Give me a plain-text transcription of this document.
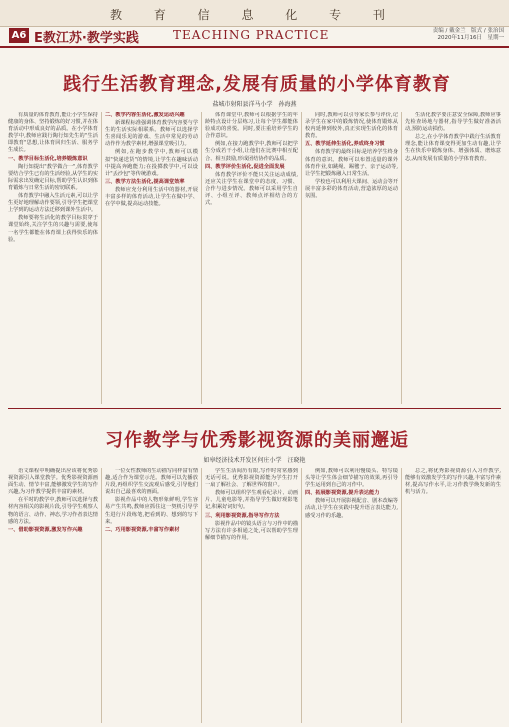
教 育 信 息 化 专 刊
A6 E教江苏·教学实践	TEACHING PRACTICE	责编 / 戴金兰　版式 / 张治国
2020年11月16日　星期一
践行生活教育理念,发展有质量的小学体育教育
盐城市射阳县洋马小学　孙海燕

有质量的体育教育,能让小学生保持健康的身体、坚持锻炼的好习惯,并在体育活动中形成良好的品质。在小学体育教学中,教师应践行陶行知先生的"生活即教育"思想,让体育回归生活、服务学生成长。

一、教学目标生活化,培养锻炼意识

陶行知提出"教学做合一",体育教学要结合学生已有的生活经验,从学生的实际需求出发确定目标,帮助学生认识到体育锻炼与日常生活的密切联系。

体育教学中融入生活元素,可以让学生更好地理解动作要领,引导学生把课堂上学到的运动方法迁移到课外生活中。

教师要将生活化的教学目标贯穿于课堂始终,关注学生的兴趣与需要,使每一名学生都能在体育课上获得快乐的体验。

二、教学内容生活化,激发运动兴趣

新课程标准强调体育教学内容要与学生的生活实际相联系。教师可以选择学生喜闻乐见的游戏、生活中常见的劳动动作作为教学素材,增强课堂吸引力。

例如,在跑步教学中,教师可以模拟"快递送货"的情境,让学生在趣味活动中提高奔跑能力;在投掷教学中,可以设计"丢沙包"等传统游戏。

三、教学方法生活化,提高课堂效率

教师应充分利用生活中的器材,开展丰富多样的体育活动,让学生在做中学、在学中做,提高运动技能。

体育课堂中,教师可以根据学生的年龄特点设计分层练习,让每个学生都能体验成功的喜悦。同时,要注重培养学生的合作意识。

例如,在接力跑教学中,教师可以把学生分成若干小组,让他们在比赛中相互配合、相互鼓励,形成团结协作的品质。

四、教学评价生活化,促进全面发展

体育教学评价不能只关注运动成绩,还应关注学生在课堂中的态度、习惯、合作与进步情况。教师可以采用学生自评、小组互评、教师点评相结合的方式。

同时,教师可以引导家长参与评价,记录学生在家中的锻炼情况,使体育锻炼从校内延伸到校外,真正实现生活化的体育教育。

五、教学延伸生活化,养成终身习惯

体育教学的最终目标是培养学生终身体育的意识。教师可以布置适量的课外体育作业,如跳绳、踢毽子、亲子运动等,让学生把锻炼融入日常生活。

学校也可以利用大课间、运动会等开展丰富多彩的体育活动,营造浓厚的运动氛围。

生活化教学要注意安全保障,教师应事先检查场地与器材,指导学生做好准备活动,预防运动损伤。

总之,在小学体育教学中践行生活教育理念,能让体育课变得更加生动有趣,让学生在快乐中锻炼身体、增强体质、磨炼意志,从而发展有质量的小学体育教育。

习作教学与优秀影视资源的美丽邂逅
如皋经济技术开发区何庄小学　汪晓艳

语文课程中明确提出应该将优秀影视资源引入课堂教学。优秀影视资源画面生动、情节丰富,能够激发学生的写作兴趣,为习作教学提供丰富的素材。

在平时的教学中,教师可以选择与教材内容相关的影视片段,引导学生观察人物的语言、动作、神态,学习作者表达情感的方法。

一、借助影视资源,激发写作兴趣

一位女性教师的生动描写同样富有情趣,适合作为课堂示范。教师可以先播放片段,再组织学生交流观后感受,引导他们说出自己最喜欢的画面。

影视作品中的人物形象鲜明,学生容易产生共鸣,教师应抓住这一契机引导学生进行片段练笔,把看到的、想到的写下来。

二、巧用影视资源,丰富写作素材

学生生活阅历有限,写作时常常感到无话可说。优秀影视资源能为学生打开一扇了解社会、了解世界的窗户。

教师可以组织学生观看纪录片、动画片、儿童电影等,并指导学生做好观影笔记,积累好词好句。

三、利用影视资源,指导写作方法

影视作品中的镜头语言与习作中的描写方法有许多相通之处,可以帮助学生理解细节描写的作用。

例如,教师可以利用慢镜头、特写镜头等让学生体会细节描写的效果,再引导学生运用到自己的习作中。

四、拓展影视资源,提升表达能力

教师可以开展影视配音、剧本改编等活动,让学生在实践中提升语言表达能力,感受习作的乐趣。

总之,将优秀影视资源引入习作教学,能够有效激发学生的写作兴趣,丰富写作素材,提高写作水平,让习作教学焕发新的生机与活力。
